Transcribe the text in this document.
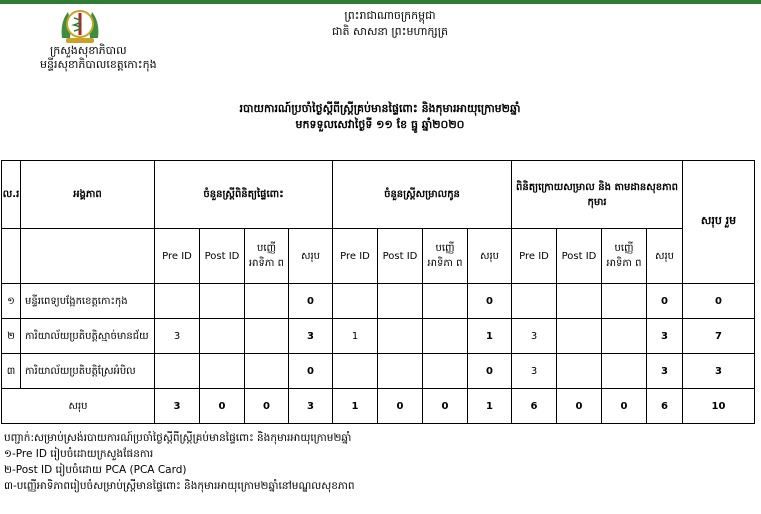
ក្រសួងសុខាភិបាល
មន្ទីរសុខាភិបាលខេត្តកោះកុង
ព្រះរាជាណាចក្រកម្ពុជា
ជាតិ សាសនា ព្រះមហាក្សត្រ
របាយការណ៍ប្រចាំថ្ងៃស្ដីពីស្ត្រីគ្រប់មានផ្ទៃពោះ និងកុមារអាយុក្រោម២ឆ្នាំ
មកទទួលសេវាថ្ងៃទី ១១ ខែ ធ្នូ ឆ្នាំ២០២០
ល.រ	អង្គភាព	ចំនួនស្ត្រីពិនិត្យផ្ទៃពោះ				ចំនួនស្ត្រីសម្រាលកូន				ពិនិត្យក្រោយសម្រាល និង តាមដានសុខភាពកុមារ				សរុប រួម
		Pre ID	Post ID	បញ្ញើ អាទិភា ព	សរុប	Pre ID	Post ID	បញ្ញើ អាទិភា ព	សរុប	Pre ID	Post ID	បញ្ញើ អាទិភា ព	សរុប	
១	មន្ទីរពេទ្យបង្អែកខេត្តកោះកុង				0				0				0	0
២	ការិយាល័យប្រតិបត្តិស្មាច់មានជ័យ	3			3	1			1	3			3	7
៣	ការិយាល័យប្រតិបត្តិស្រែអំបិល				0				0	3			3	3
សរុប		3	0	0	3	1	0	0	1	6	0	0	6	10
បញ្ជាក់:សម្រាប់ស្រង់របាយការណ៍ប្រចាំថ្ងៃស្ដីពីស្ត្រីគ្រប់មានផ្ទៃពោះ និងកុមារអាយុក្រោម២ឆ្នាំ
១-Pre ID រៀបចំដោយក្រសួងផែនការ
២-Post ID រៀបចំដោយ PCA (PCA Card)
៣-បញ្ញើអាទិភាពរៀបចំសម្រាប់ស្ត្រីមានផ្ទៃពោះ និងកុមារអាយុក្រោម២ឆ្នាំនៅមណ្ឌលសុខភាព
